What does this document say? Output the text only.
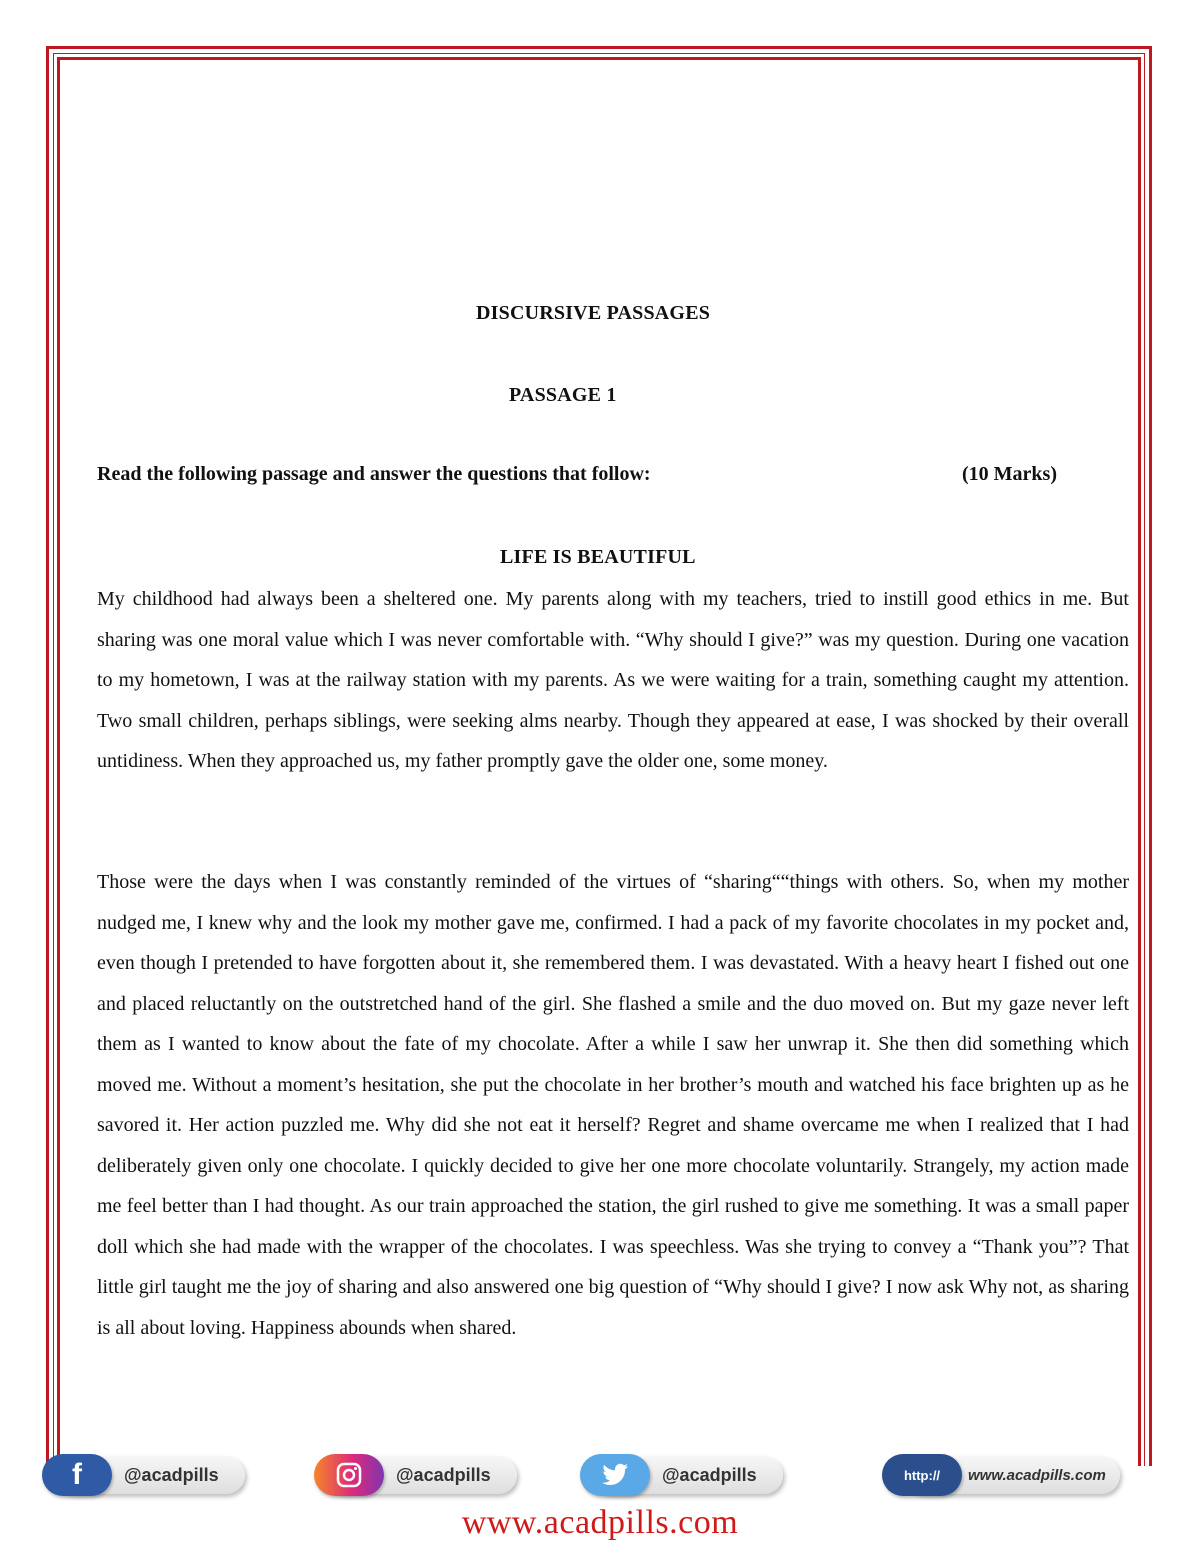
DISCURSIVE PASSAGES
PASSAGE 1
Read the following passage and answer the questions that follow:	(10 Marks)
LIFE IS BEAUTIFUL

My childhood had always been a sheltered one. My parents along with my teachers, tried to instill good ethics in me. But sharing was one moral value which I was never comfortable with. “Why should I give?” was my question. During one vacation to my hometown, I was at the railway station with my parents. As we were waiting for a train, something caught my attention. Two small children, perhaps siblings, were seeking alms nearby. Though they appeared at ease, I was shocked by their overall untidiness. When they approached us, my father promptly gave the older one, some money.

Those were the days when I was constantly reminded of the virtues of “sharing““things with others. So, when my mother nudged me, I knew why and the look my mother gave me, confirmed. I had a pack of my favorite chocolates in my pocket and, even though I pretended to have forgotten about it, she remembered them. I was devastated. With a heavy heart I fished out one and placed reluctantly on the outstretched hand of the girl. She flashed a smile and the duo moved on. But my gaze never left them as I wanted to know about the fate of my chocolate. After a while I saw her unwrap it. She then did something which moved me. Without a moment’s hesitation, she put the chocolate in her brother’s mouth and watched his face brighten up as he savored it. Her action puzzled me. Why did she not eat it herself? Regret and shame overcame me when I realized that I had deliberately given only one chocolate. I quickly decided to give her one more chocolate voluntarily. Strangely, my action made me feel better than I had thought. As our train approached the station, the girl rushed to give me something. It was a small paper doll which she had made with the wrapper of the chocolates. I was speechless. Was she trying to convey a “Thank you”? That little girl taught me the joy of sharing and also answered one big question of “Why should I give? I now ask Why not, as sharing is all about loving. Happiness abounds when shared.

f	@acadpills	@acadpills	@acadpills	http://	www.acadpills.com
www.acadpills.com
